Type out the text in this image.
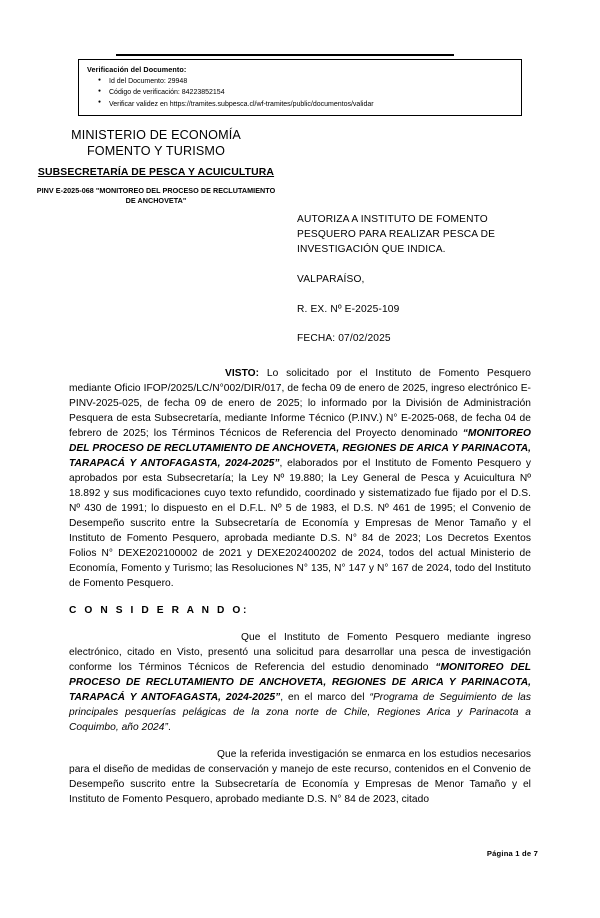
Verificación del Documento:
● Id del Documento: 29948
● Código de verificación: 84223852154
● Verificar validez en https://tramites.subpesca.cl/wf-tramites/public/documentos/validar
MINISTERIO DE ECONOMÍA
FOMENTO Y TURISMO
SUBSECRETARÍA DE PESCA Y ACUICULTURA
PINV E-2025-068 "MONITOREO DEL PROCESO DE RECLUTAMIENTO DE ANCHOVETA"
AUTORIZA A INSTITUTO DE FOMENTO PESQUERO PARA REALIZAR PESCA DE INVESTIGACIÓN QUE INDICA.
VALPARAÍSO,
R. EX. Nº E-2025-109
FECHA: 07/02/2025

VISTO: Lo solicitado por el Instituto de Fomento Pesquero mediante Oficio IFOP/2025/LC/N°002/DIR/017, de fecha 09 de enero de 2025, ingreso electrónico E-PINV-2025-025, de fecha 09 de enero de 2025; lo informado por la División de Administración Pesquera de esta Subsecretaría, mediante Informe Técnico (P.INV.) N° E-2025-068, de fecha 04 de febrero de 2025; los Términos Técnicos de Referencia del Proyecto denominado “MONITOREO DEL PROCESO DE RECLUTAMIENTO DE ANCHOVETA, REGIONES DE ARICA Y PARINACOTA, TARAPACÁ Y ANTOFAGASTA, 2024-2025”, elaborados por el Instituto de Fomento Pesquero y aprobados por esta Subsecretaría; la Ley Nº 19.880; la Ley General de Pesca y Acuicultura Nº 18.892 y sus modificaciones cuyo texto refundido, coordinado y sistematizado fue fijado por el D.S. Nº 430 de 1991; lo dispuesto en el D.F.L. Nº 5 de 1983, el D.S. Nº 461 de 1995; el Convenio de Desempeño suscrito entre la Subsecretaría de Economía y Empresas de Menor Tamaño y el Instituto de Fomento Pesquero, aprobada mediante D.S. N° 84 de 2023; Los Decretos Exentos Folios N° DEXE202100002 de 2021 y DEXE202400202 de 2024, todos del actual Ministerio de Economía, Fomento y Turismo; las Resoluciones N° 135, N° 147 y N° 167 de 2024, todo del Instituto de Fomento Pesquero.

C O N S I D E R A N D O:

Que el Instituto de Fomento Pesquero mediante ingreso electrónico, citado en Visto, presentó una solicitud para desarrollar una pesca de investigación conforme los Términos Técnicos de Referencia del estudio denominado “MONITOREO DEL PROCESO DE RECLUTAMIENTO DE ANCHOVETA, REGIONES DE ARICA Y PARINACOTA, TARAPACÁ Y ANTOFAGASTA, 2024-2025”, en el marco del “Programa de Seguimiento de las principales pesquerías pelágicas de la zona norte de Chile, Regiones Arica y Parinacota a Coquimbo, año 2024”.

Que la referida investigación se enmarca en los estudios necesarios para el diseño de medidas de conservación y manejo de este recurso, contenidos en el Convenio de Desempeño suscrito entre la Subsecretaría de Economía y Empresas de Menor Tamaño y el Instituto de Fomento Pesquero, aprobado mediante D.S. N° 84 de 2023, citado

Página 1 de 7
